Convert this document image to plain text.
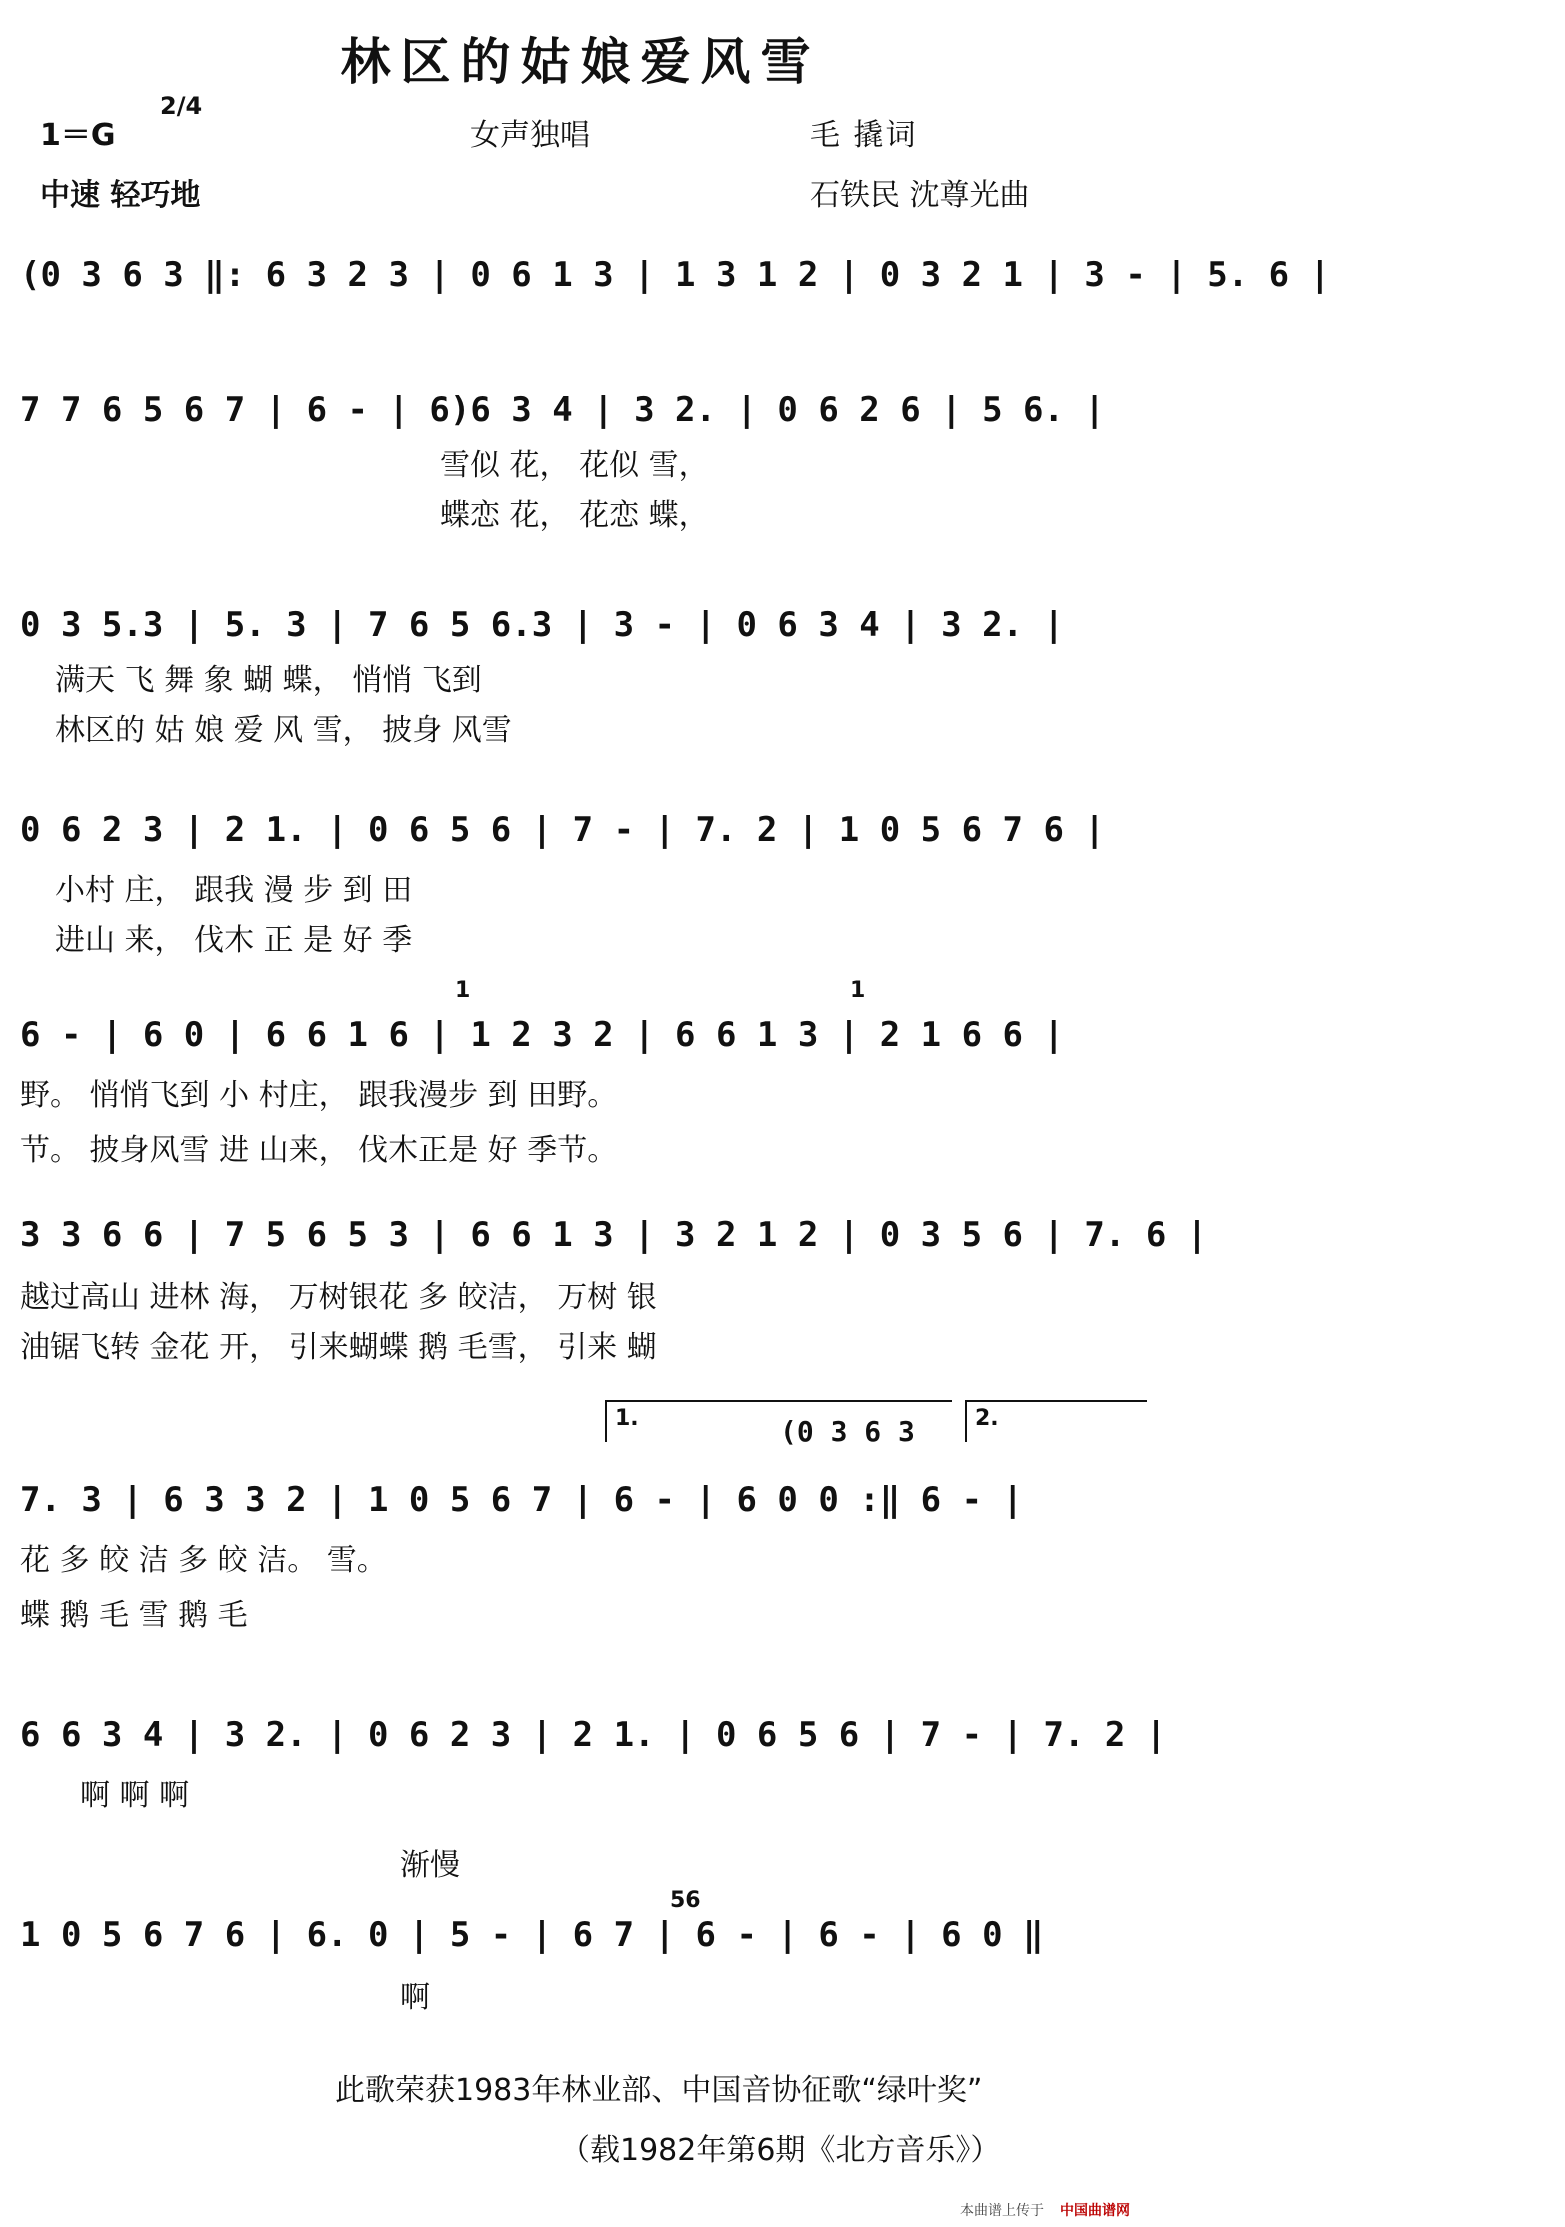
林区的姑娘爱风雪
1＝G
2/4
女声独唱	毛 撬词
中速 轻巧地	石铁民 沈尊光曲
(0 3 6 3 ‖: 6 3 2 3 | 0 6 1 3 | 1 3 1 2 | 0 3 2 1 | 3 - | 5. 6 |
7 7 6 5 6 7 | 6 - | 6)6 3 4 | 3 2. | 0 6 2 6 | 5 6. |
雪似 花， 花似 雪，
蝶恋 花， 花恋 蝶，
0 3 5.3 | 5. 3 | 7 6 5 6.3 | 3 - | 0 6 3 4 | 3 2. |
满天 飞 舞 象 蝴 蝶， 悄悄 飞到
林区的 姑 娘 爱 风 雪， 披身 风雪
0 6 2 3 | 2 1. | 0 6 5 6 | 7 - | 7. 2 | 1 0 5 6 7 6 |
小村 庄， 跟我 漫 步 到 田
进山 来， 伐木 正 是 好 季
1	1
6 - | 6 0 | 6 6 1 6 | 1 2 3 2 | 6 6 1 3 | 2 1 6 6 |
野。 悄悄飞到 小 村庄， 跟我漫步 到 田野。
节。 披身风雪 进 山来， 伐木正是 好 季节。
3 3 6 6 | 7 5 6 5 3 | 6 6 1 3 | 3 2 1 2 | 0 3 5 6 | 7. 6 |
越过高山 进林 海， 万树银花 多 皎洁， 万树 银
油锯飞转 金花 开， 引来蝴蝶 鹅 毛雪， 引来 蝴
1.	2.
(0 3 6 3
7. 3 | 6 3 3 2 | 1 0 5 6 7 | 6 - | 6 0 0 :‖ 6 - |
花 多 皎 洁 多 皎 洁。 雪。
蝶 鹅 毛 雪 鹅 毛
6 6 3 4 | 3 2. | 0 6 2 3 | 2 1. | 0 6 5 6 | 7 - | 7. 2 |
啊 啊 啊
渐慢
56
1 0 5 6 7 6 | 6. 0 | 5 - | 6 7 | 6 - | 6 - | 6 0 ‖
啊
此歌荣获1983年林业部、中国音协征歌“绿叶奖”
（载1982年第6期《北方音乐》）
本曲谱上传于 中国曲谱网
